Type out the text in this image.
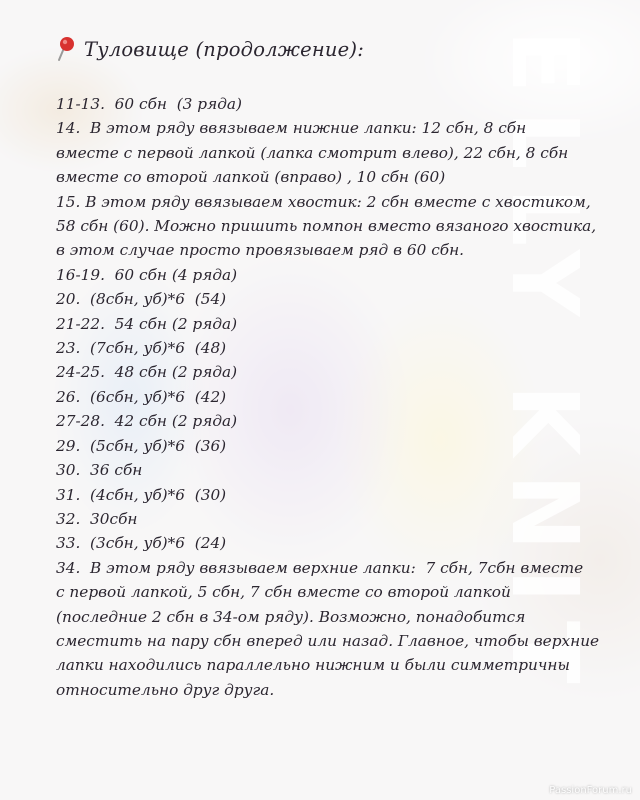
ELLY KNIT
Туловище (продолжение):
11-13.  60 сбн  (3 ряда)
14.  В этом ряду ввязываем нижние лапки: 12 сбн, 8 сбн
вместе с первой лапкой (лапка смотрит влево), 22 сбн, 8 сбн
вместе со второй лапкой (вправо) , 10 сбн (60)
15. В этом ряду ввязываем хвостик: 2 сбн вместе с хвостиком,
58 сбн (60). Можно пришить помпон вместо вязаного хвостика,
в этом случае просто провязываем ряд в 60 сбн.
16-19.  60 сбн (4 ряда)
20.  (8сбн, уб)*6  (54)
21-22.  54 сбн (2 ряда)
23.  (7сбн, уб)*6  (48)
24-25.  48 сбн (2 ряда)
26.  (6сбн, уб)*6  (42)
27-28.  42 сбн (2 ряда)
29.  (5сбн, уб)*6  (36)
30.  36 сбн
31.  (4сбн, уб)*6  (30)
32.  30сбн
33.  (3сбн, уб)*6  (24)
34.  В этом ряду ввязываем верхние лапки:  7 сбн, 7сбн вместе
с первой лапкой, 5 сбн, 7 сбн вместе со второй лапкой
(последние 2 сбн в 34-ом ряду). Возможно, понадобится
сместить на пару сбн вперед или назад. Главное, чтобы верхние
лапки находились параллельно нижним и были симметричны
относительно друг друга.
PassionForum.ru
